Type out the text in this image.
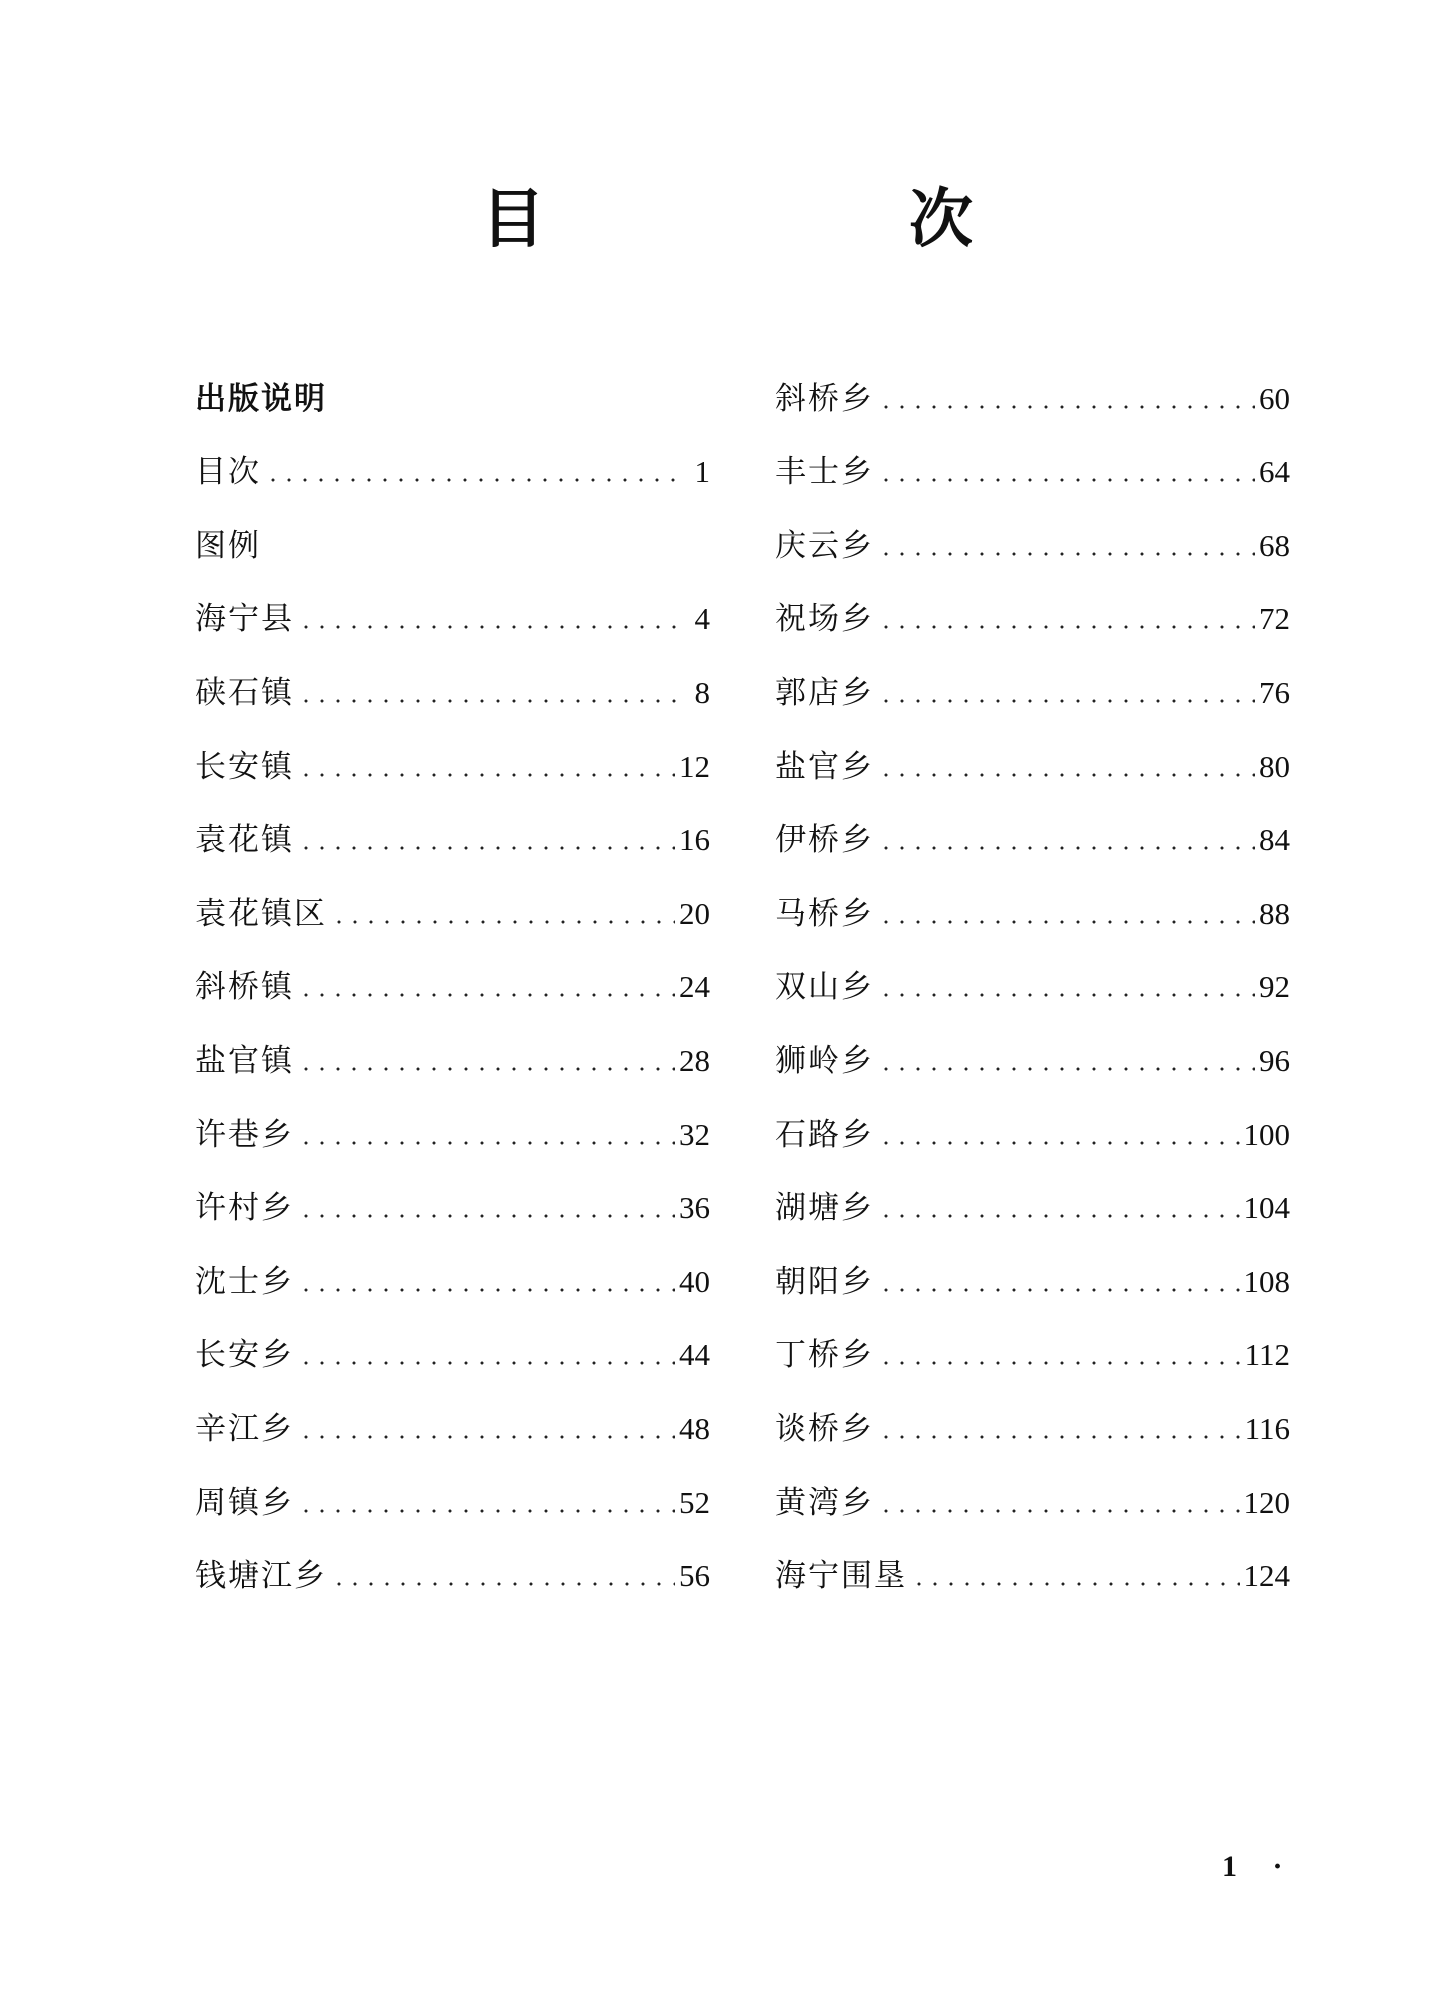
目　次
出版说明
目次	1
图例
海宁县	4
硖石镇	8
长安镇	12
袁花镇	16
袁花镇区	20
斜桥镇	24
盐官镇	28
许巷乡	32
许村乡	36
沈士乡	40
长安乡	44
辛江乡	48
周镇乡	52
钱塘江乡	56
斜桥乡	60
丰士乡	64
庆云乡	68
祝场乡	72
郭店乡	76
盐官乡	80
伊桥乡	84
马桥乡	88
双山乡	92
狮岭乡	96
石路乡	100
湖塘乡	104
朝阳乡	108
丁桥乡	112
谈桥乡	116
黄湾乡	120
海宁围垦	124
1 ·
